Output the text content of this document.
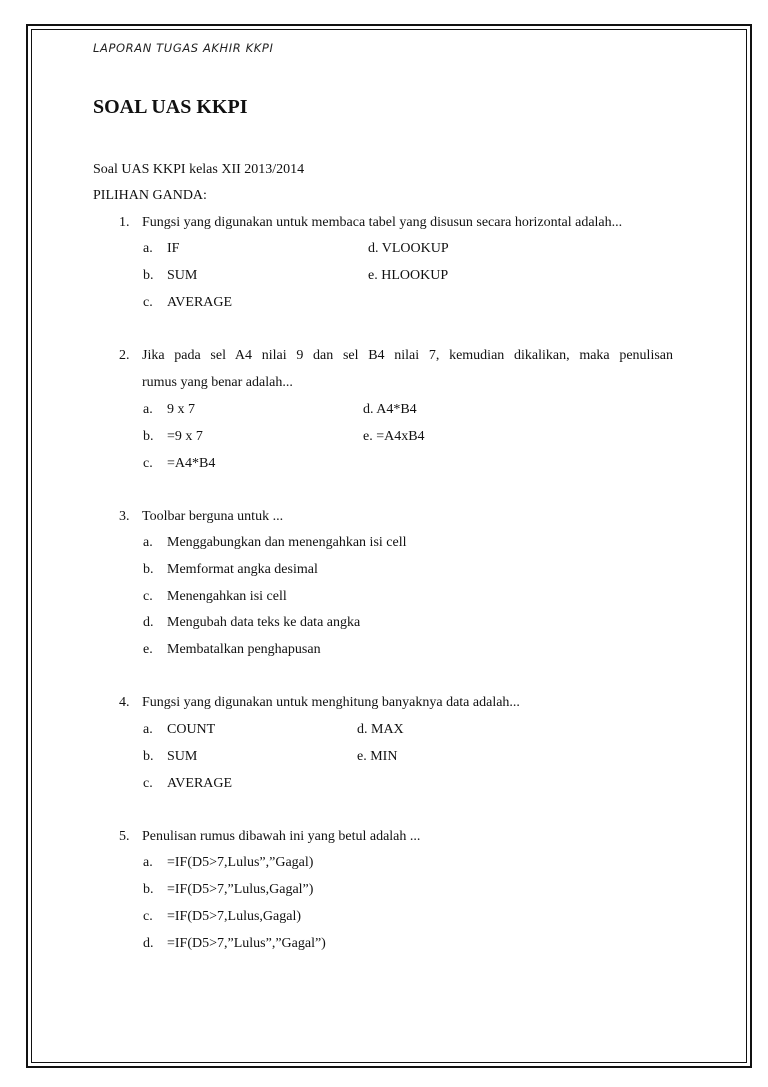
LAPORAN TUGAS AKHIR KKPI
SOAL UAS KKPI
Soal UAS KKPI kelas XII 2013/2014
PILIHAN GANDA:
1. Fungsi yang digunakan untuk membaca tabel yang disusun secara horizontal adalah...
a. IF
b. SUM
c. AVERAGE
d. VLOOKUP
e. HLOOKUP
2. Jika pada sel A4 nilai 9 dan sel B4 nilai 7, kemudian dikalikan, maka penulisan
rumus yang benar adalah...
a. 9 x 7
b. =9 x 7
c. =A4*B4
d. A4*B4
e. =A4xB4
3. Toolbar berguna untuk ...
a. Menggabungkan dan menengahkan isi cell
b. Memformat angka desimal
c. Menengahkan isi cell
d. Mengubah data teks ke data angka
e. Membatalkan penghapusan
4. Fungsi yang digunakan untuk menghitung banyaknya data adalah...
a. COUNT
b. SUM
c. AVERAGE
d. MAX
e. MIN
5. Penulisan rumus dibawah ini yang betul adalah ...
a. =IF(D5>7,Lulus”,”Gagal)
b. =IF(D5>7,”Lulus,Gagal”)
c. =IF(D5>7,Lulus,Gagal)
d. =IF(D5>7,”Lulus”,”Gagal”)
